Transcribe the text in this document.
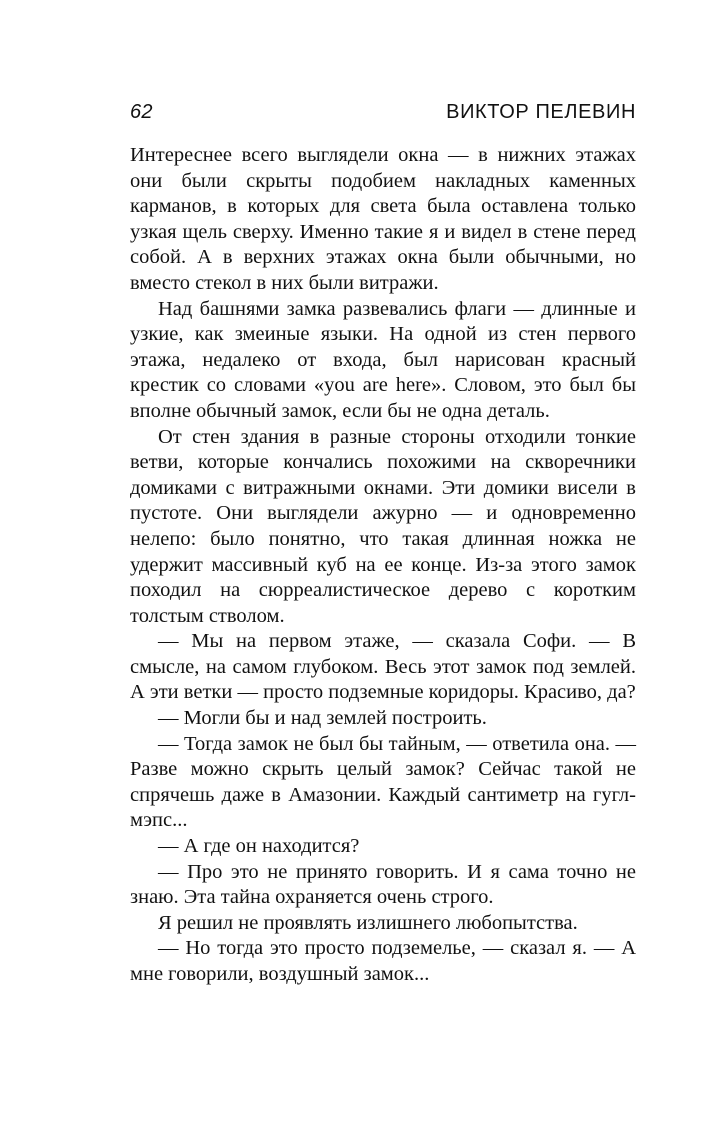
62	ВИКТОР ПЕЛЕВИН

Интереснее всего выглядели окна — в нижних этажах они были скрыты подобием накладных каменных карманов, в которых для света была оставлена только узкая щель сверху. Именно такие я и видел в стене перед собой. А в верхних этажах окна были обычными, но вместо стекол в них были витражи.

Над башнями замка развевались флаги — длинные и узкие, как змеиные языки. На одной из стен первого этажа, недалеко от входа, был нарисован красный крестик со словами «you are here». Словом, это был бы вполне обычный замок, если бы не одна деталь.

От стен здания в разные стороны отходили тонкие ветви, которые кончались похожими на скворечники домиками с витражными окнами. Эти домики висели в пустоте. Они выглядели ажурно — и одновременно нелепо: было понятно, что такая длинная ножка не удержит массивный куб на ее конце. Из-за этого замок походил на сюрреалистическое дерево с коротким толстым стволом.

— Мы на первом этаже, — сказала Софи. — В смысле, на самом глубоком. Весь этот замок под землей. А эти ветки — просто подземные коридоры. Красиво, да?

— Могли бы и над землей построить.

— Тогда замок не был бы тайным, — ответила она. — Разве можно скрыть целый замок? Сейчас такой не спрячешь даже в Амазонии. Каждый сантиметр на гугл-мэпс...

— А где он находится?

— Про это не принято говорить. И я сама точно не знаю. Эта тайна охраняется очень строго.

Я решил не проявлять излишнего любопытства.

— Но тогда это просто подземелье, — сказал я. — А мне говорили, воздушный замок...
